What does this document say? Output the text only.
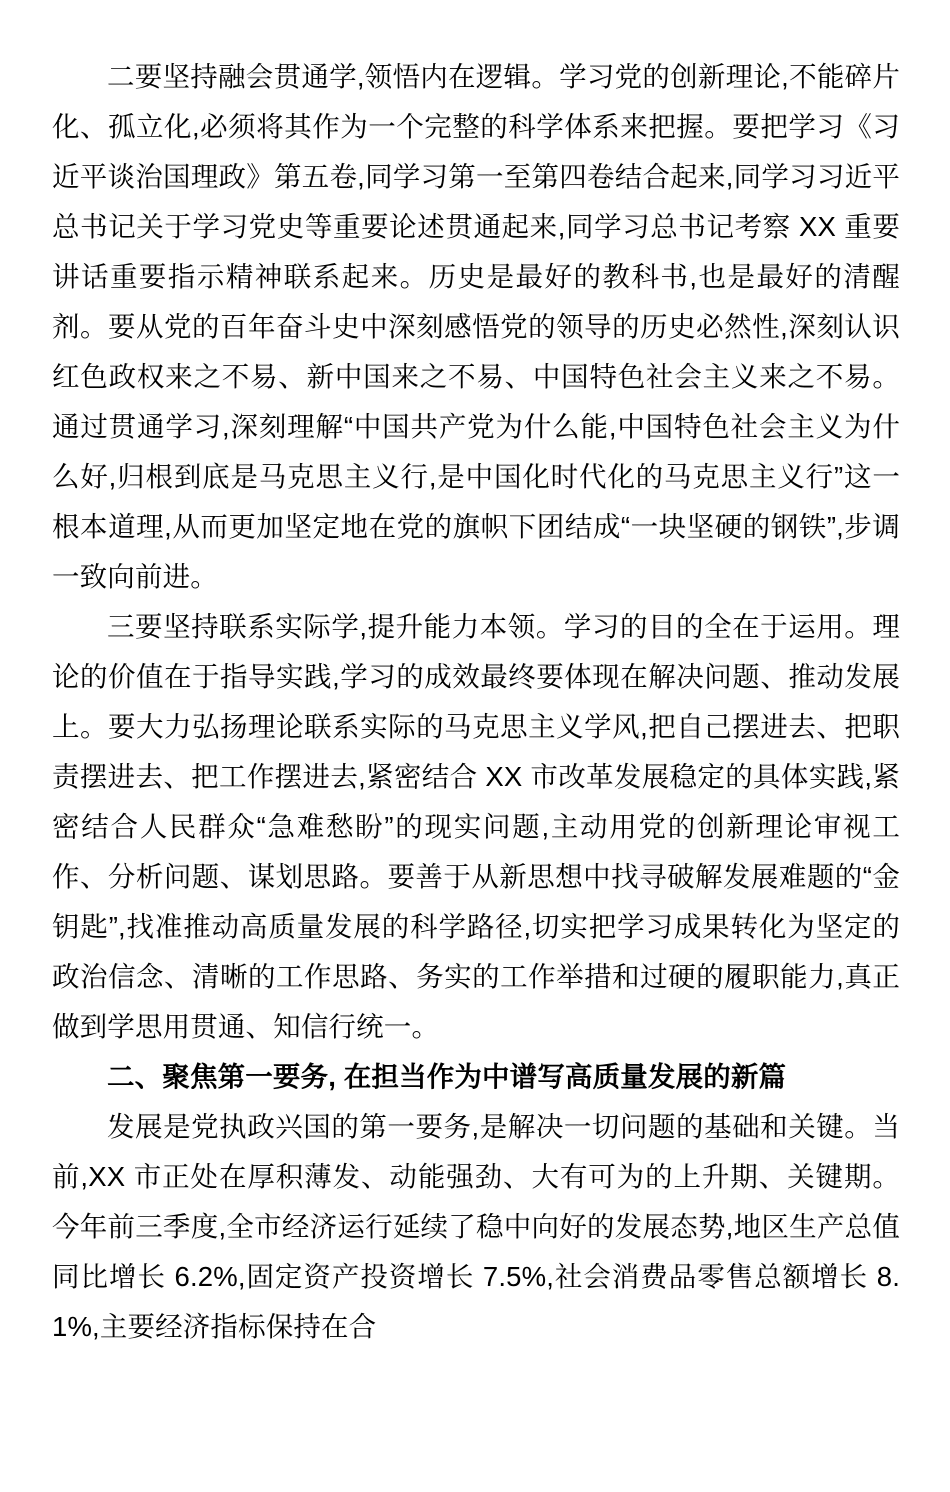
二要坚持融会贯通学,领悟内在逻辑。学习党的创新理论,不能碎片化、孤立化,必须将其作为一个完整的科学体系来把握。要把学习《习近平谈治国理政》第五卷,同学习第一至第四卷结合起来,同学习习近平总书记关于学习党史等重要论述贯通起来,同学习总书记考察 XX 重要讲话重要指示精神联系起来。历史是最好的教科书,也是最好的清醒剂。要从党的百年奋斗史中深刻感悟党的领导的历史必然性,深刻认识红色政权来之不易、新中国来之不易、中国特色社会主义来之不易。通过贯通学习,深刻理解“中国共产党为什么能,中国特色社会主义为什么好,归根到底是马克思主义行,是中国化时代化的马克思主义行”这一根本道理,从而更加坚定地在党的旗帜下团结成“一块坚硬的钢铁”,步调一致向前进。

三要坚持联系实际学,提升能力本领。学习的目的全在于运用。理论的价值在于指导实践,学习的成效最终要体现在解决问题、推动发展上。要大力弘扬理论联系实际的马克思主义学风,把自己摆进去、把职责摆进去、把工作摆进去,紧密结合 XX 市改革发展稳定的具体实践,紧密结合人民群众“急难愁盼”的现实问题,主动用党的创新理论审视工作、分析问题、谋划思路。要善于从新思想中找寻破解发展难题的“金钥匙”,找准推动高质量发展的科学路径,切实把学习成果转化为坚定的政治信念、清晰的工作思路、务实的工作举措和过硬的履职能力,真正做到学思用贯通、知信行统一。

二、聚焦第一要务, 在担当作为中谱写高质量发展的新篇

发展是党执政兴国的第一要务,是解决一切问题的基础和关键。当前,XX 市正处在厚积薄发、动能强劲、大有可为的上升期、关键期。今年前三季度,全市经济运行延续了稳中向好的发展态势,地区生产总值同比增长 6.2%,固定资产投资增长 7.5%,社会消费品零售总额增长 8.1%,主要经济指标保持在合
